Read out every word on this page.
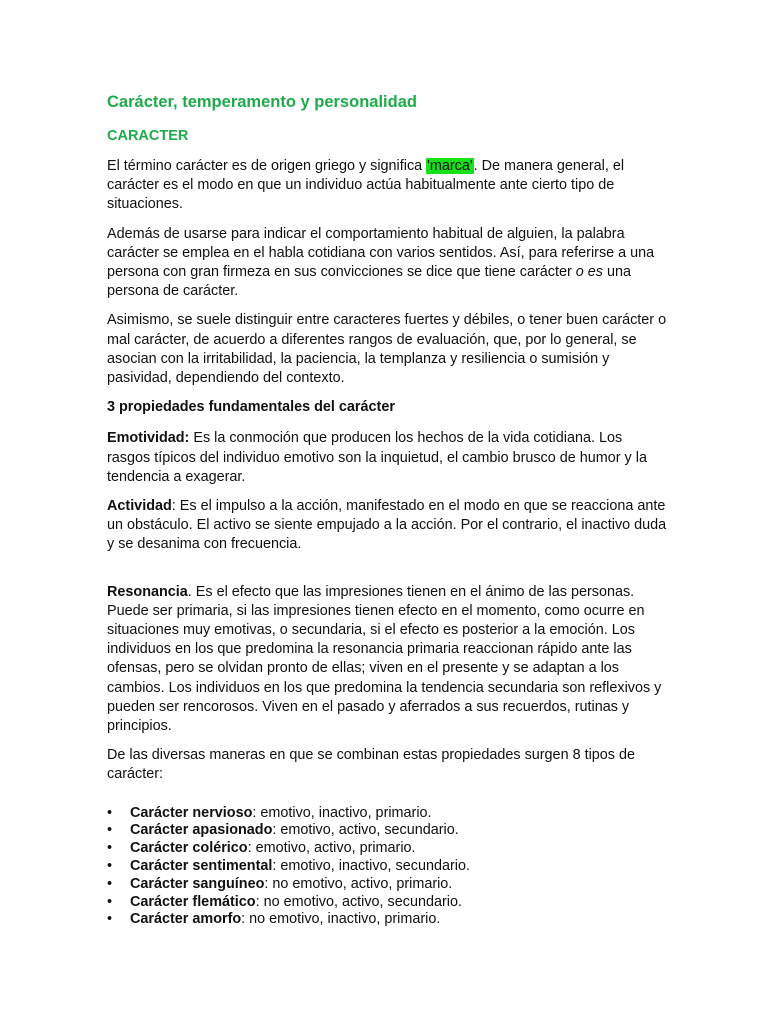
Carácter, temperamento y personalidad
CARACTER

El término carácter es de origen griego y significa 'marca'. De manera general, el carácter es el modo en que un individuo actúa habitualmente ante cierto tipo de situaciones.

Además de usarse para indicar el comportamiento habitual de alguien, la palabra carácter se emplea en el habla cotidiana con varios sentidos. Así, para referirse a una persona con gran firmeza en sus convicciones se dice que tiene carácter o es una persona de carácter.

Asimismo, se suele distinguir entre caracteres fuertes y débiles, o tener buen carácter o mal carácter, de acuerdo a diferentes rangos de evaluación, que, por lo general, se asocian con la irritabilidad, la paciencia, la templanza y resiliencia o sumisión y pasividad, dependiendo del contexto.

3 propiedades fundamentales del carácter

Emotividad: Es la conmoción que producen los hechos de la vida cotidiana. Los rasgos típicos del individuo emotivo son la inquietud, el cambio brusco de humor y la tendencia a exagerar.

Actividad: Es el impulso a la acción, manifestado en el modo en que se reacciona ante un obstáculo. El activo se siente empujado a la acción. Por el contrario, el inactivo duda y se desanima con frecuencia.

Resonancia. Es el efecto que las impresiones tienen en el ánimo de las personas. Puede ser primaria, si las impresiones tienen efecto en el momento, como ocurre en situaciones muy emotivas, o secundaria, si el efecto es posterior a la emoción. Los individuos en los que predomina la resonancia primaria reaccionan rápido ante las ofensas, pero se olvidan pronto de ellas; viven en el presente y se adaptan a los cambios. Los individuos en los que predomina la tendencia secundaria son reflexivos y pueden ser rencorosos. Viven en el pasado y aferrados a sus recuerdos, rutinas y principios.

De las diversas maneras en que se combinan estas propiedades surgen 8 tipos de carácter:

• Carácter nervioso: emotivo, inactivo, primario.
• Carácter apasionado: emotivo, activo, secundario.
• Carácter colérico: emotivo, activo, primario.
• Carácter sentimental: emotivo, inactivo, secundario.
• Carácter sanguíneo: no emotivo, activo, primario.
• Carácter flemático: no emotivo, activo, secundario.
• Carácter amorfo: no emotivo, inactivo, primario.
